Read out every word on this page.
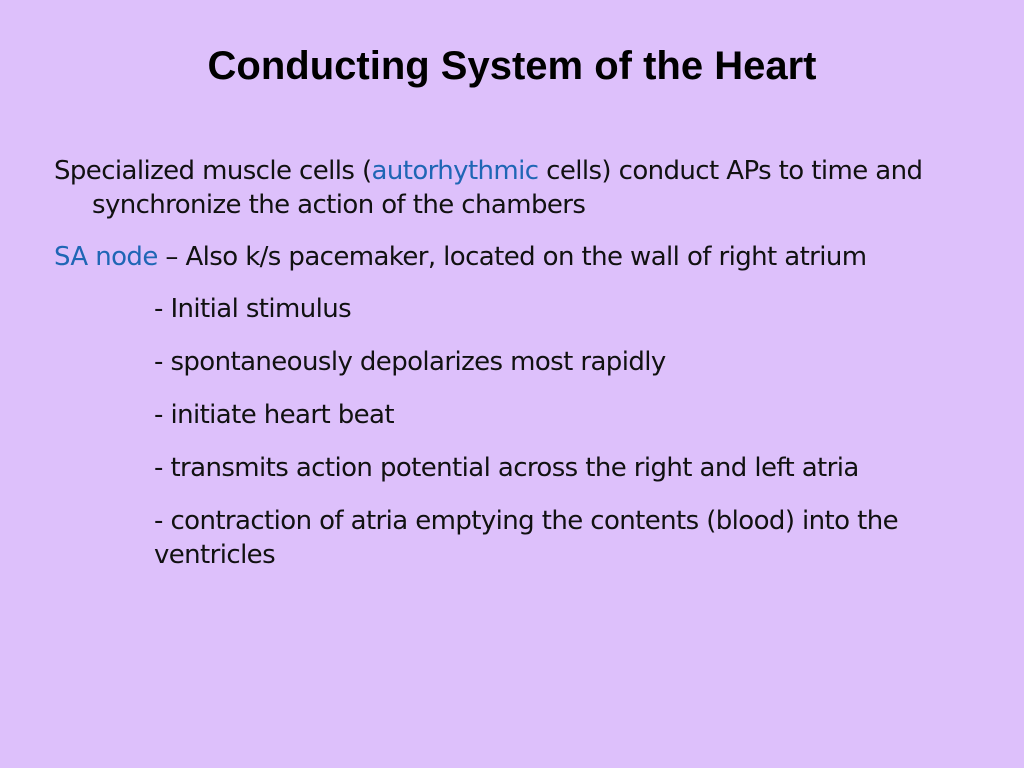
Conducting System of the Heart

Specialized muscle cells (autorhythmic cells) conduct APs to time and synchronize the action of the chambers

SA node – Also k/s pacemaker, located on the wall of right atrium

- Initial stimulus

- spontaneously depolarizes most rapidly

- initiate heart beat

- transmits action potential across the right and left atria

- contraction of atria emptying the contents (blood) into the ventricles
